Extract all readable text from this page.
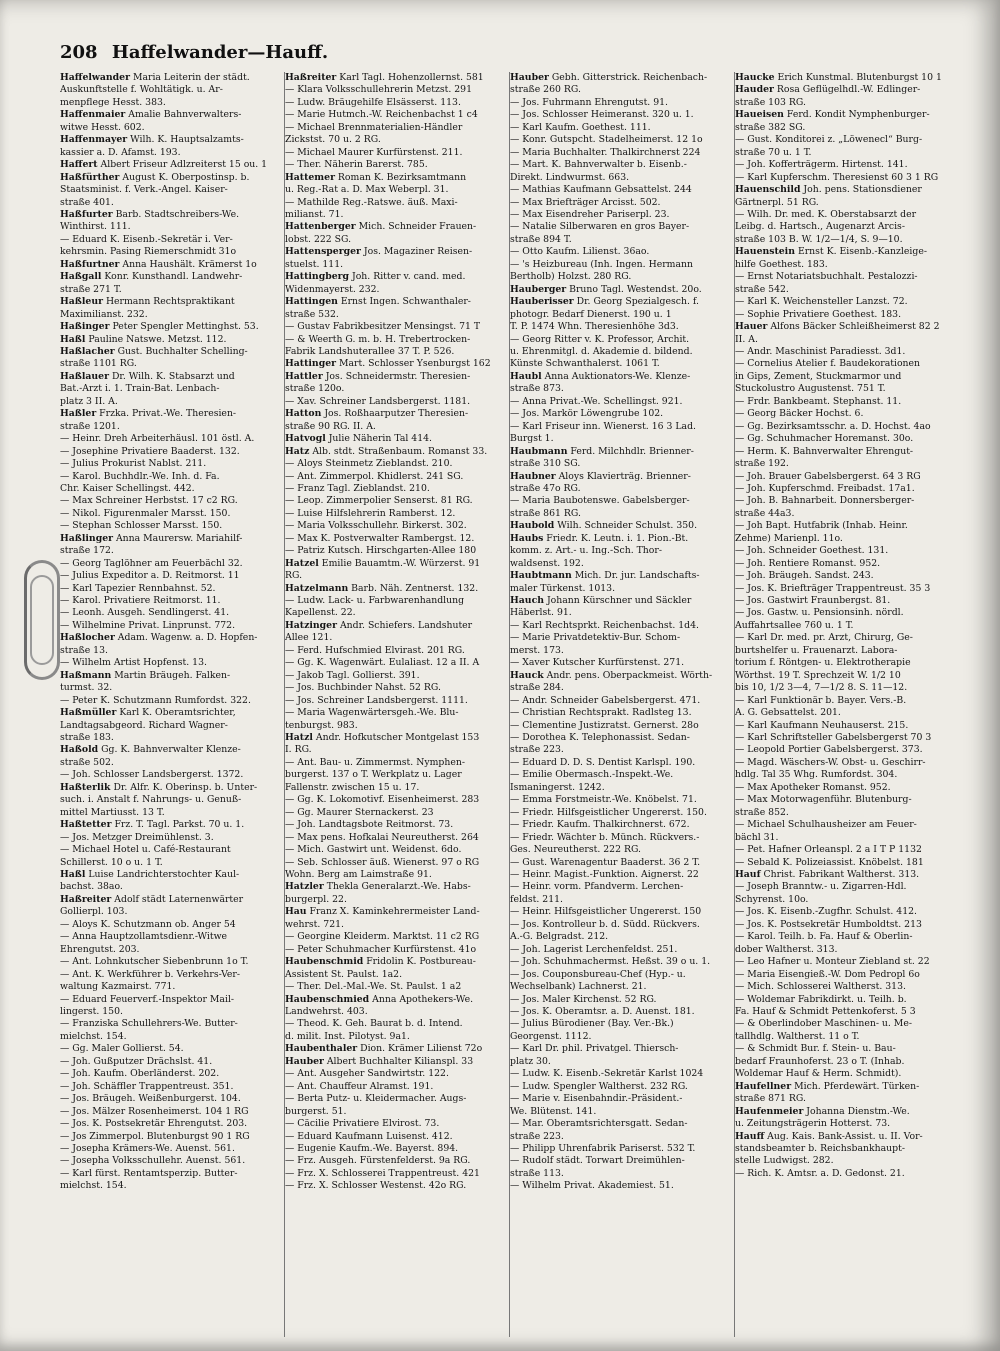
208 Haffelwander—Hauff.
Haffelwander Maria Leiterin der städt.
Auskunftstelle f. Wohltätigk. u. Ar-
menpflege Hesst. 383.
Haffenmaier Amalie Bahnverwalters-
witwe Hesst. 602.
Haffenmayer Wilh. K. Hauptsalzamts-
kassier a. D. Afamst. 193.
Haffert Albert Friseur Adlzreiterst 15 ou. 1
Haßfürther August K. Oberpostinsp. b.
Staatsminist. f. Verk.-Angel. Kaiser-
straße 401.
Haßfurter Barb. Stadtschreibers-We.
Winthirst. 111.
— Eduard K. Eisenb.-Sekretär i. Ver-
kehrsmin. Pasing Riemerschmidt 31o
Haßfurtner Anna Haushält. Krämerst 1o
Haßgall Konr. Kunsthandl. Landwehr-
straße 271 T.
Haßleur Hermann Rechtspraktikant
Maximilianst. 232.
Haßinger Peter Spengler Mettinghst. 53.
Haßl Pauline Natswe. Metzst. 112.
Haßlacher Gust. Buchhalter Schelling-
straße 1101 RG.
Haßlauer Dr. Wilh. K. Stabsarzt und
Bat.-Arzt i. 1. Train-Bat. Lenbach-
platz 3 II. A.
Haßler Frzka. Privat.-We. Theresien-
straße 1201.
— Heinr. Dreh Arbeiterhäusl. 101 östl. A.
— Josephine Privatiere Baaderst. 132.
— Julius Prokurist Nablst. 211.
— Karol. Buchhdlr.-We. Inh. d. Fa.
Chr. Kaiser Schellingst. 442.
— Max Schreiner Herbstst. 17 c2 RG.
— Nikol. Figurenmaler Marsst. 150.
— Stephan Schlosser Marsst. 150.
Haßlinger Anna Maurersw. Mariahilf-
straße 172.
— Georg Taglöhner am Feuerbächl 32.
— Julius Expeditor a. D. Reitmorst. 11
— Karl Tapezier Rennbahnst. 52.
— Karol. Privatiere Reitmorst. 11.
— Leonh. Ausgeh. Sendlingerst. 41.
— Wilhelmine Privat. Linprunst. 772.
Haßlocher Adam. Wagenw. a. D. Hopfen-
straße 13.
— Wilhelm Artist Hopfenst. 13.
Haßmann Martin Bräugeh. Falken-
turmst. 32.
— Peter K. Schutzmann Rumfordst. 322.
Haßmüller Karl K. Oberamtsrichter,
Landtagsabgeord. Richard Wagner-
straße 183.
Haßold Gg. K. Bahnverwalter Klenze-
straße 502.
— Joh. Schlosser Landsbergerst. 1372.
Haßterlik Dr. Alfr. K. Oberinsp. b. Unter-
such. i. Anstalt f. Nahrungs- u. Genuß-
mittel Martiusst. 13 T.
Haßtetter Frz. T. Tagl. Parkst. 70 u. 1.
— Jos. Metzger Dreimühlenst. 3.
— Michael Hotel u. Café-Restaurant
Schillerst. 10 o u. 1 T.
Haßl Luise Landrichterstochter Kaul-
bachst. 38ao.
Haßreiter Adolf städt Laternenwärter
Gollierpl. 103.
— Aloys K. Schutzmann ob. Anger 54
— Anna Hauptzollamtsdienr.-Witwe
Ehrengutst. 203.
— Ant. Lohnkutscher Siebenbrunn 1o T.
— Ant. K. Werkführer b. Verkehrs-Ver-
waltung Kazmairst. 771.
— Eduard Feuerverf.-Inspektor Mail-
lingerst. 150.
— Franziska Schullehrers-We. Butter-
mielchst. 154.
— Gg. Maler Gollierst. 54.
— Joh. Gußputzer Drächslst. 41.
— Joh. Kaufm. Oberländerst. 202.
— Joh. Schäffler Trappentreust. 351.
— Jos. Bräugeh. Weißenburgerst. 104.
— Jos. Mälzer Rosenheimerst. 104 1 RG
— Jos. K. Postsekretär Ehrengutst. 203.
— Jos Zimmerpol. Blutenburgst 90 1 RG
— Josepha Krämers-We. Auenst. 561.
— Josepha Volksschullehr. Auenst. 561.
— Karl fürst. Rentamtsperzip. Butter-
mielchst. 154.
Haßreiter Karl Tagl. Hohenzollernst. 581
— Klara Volksschullehrerin Metzst. 291
— Ludw. Bräugehilfe Elsässerst. 113.
— Marie Hutmch.-W. Reichenbachst 1 c4
— Michael Brennmaterialien-Händler
Zickstst. 70 u. 2 RG.
— Michael Maurer Kurfürstenst. 211.
— Ther. Näherin Barerst. 785.
Hattemer Roman K. Bezirksamtmann
u. Reg.-Rat a. D. Max Weberpl. 31.
— Mathilde Reg.-Ratswe. äuß. Maxi-
milianst. 71.
Hattenberger Mich. Schneider Frauen-
lobst. 222 SG.
Hattensperger Jos. Magaziner Reisen-
stuelst. 111.
Hattingberg Joh. Ritter v. cand. med.
Widenmayerst. 232.
Hattingen Ernst Ingen. Schwanthaler-
straße 532.
— Gustav Fabrikbesitzer Mensingst. 71 T
— & Weerth G. m. b. H. Trebertrocken-
Fabrik Landshuterallee 37 T. P. 526.
Hattinger Mart. Schlosser Ysenburgst 162
Hattler Jos. Schneidermstr. Theresien-
straße 120o.
— Xav. Schreiner Landsbergerst. 1181.
Hatton Jos. Roßhaarputzer Theresien-
straße 90 RG. II. A.
Hatvogl Julie Näherin Tal 414.
Hatz Alb. stdt. Straßenbaum. Romanst 33.
— Aloys Steinmetz Zieblandst. 210.
— Ant. Zimmerpol. Khidlerst. 241 SG.
— Franz Tagl. Zieblandst. 210.
— Leop. Zimmerpolier Senserst. 81 RG.
— Luise Hilfslehrerin Ramberst. 12.
— Maria Volksschullehr. Birkerst. 302.
— Max K. Postverwalter Rambergst. 12.
— Patriz Kutsch. Hirschgarten-Allee 180
Hatzel Emilie Bauamtm.-W. Würzerst. 91
RG.
Hatzelmann Barb. Näh. Zentnerst. 132.
— Ludw. Lack- u. Farbwarenhandlung
Kapellenst. 22.
Hatzinger Andr. Schiefers. Landshuter
Allee 121.
— Ferd. Hufschmied Elvirast. 201 RG.
— Gg. K. Wagenwärt. Eulaliast. 12 a II. A
— Jakob Tagl. Gollierst. 391.
— Jos. Buchbinder Nahst. 52 RG.
— Jos. Schreiner Landsbergerst. 1111.
— Maria Wagenwärtersgeh.-We. Blu-
tenburgst. 983.
Hatzl Andr. Hofkutscher Montgelast 153
I. RG.
— Ant. Bau- u. Zimmermst. Nymphen-
burgerst. 137 o T. Werkplatz u. Lager
Fallenstr. zwischen 15 u. 17.
— Gg. K. Lokomotivf. Eisenheimerst. 283
— Gg. Maurer Sternackerst. 23
— Joh. Landtagsbote Reitmorst. 73.
— Max pens. Hofkalai Neureutherst. 264
— Mich. Gastwirt unt. Weidenst. 6do.
— Seb. Schlosser äuß. Wienerst. 97 o RG
Wohn. Berg am Laimstraße 91.
Hatzler Thekla Generalarzt.-We. Habs-
burgerpl. 22.
Hau Franz X. Kaminkehrermeister Land-
wehrst. 721.
— Georgine Kleiderm. Marktst. 11 c2 RG
— Peter Schuhmacher Kurfürstenst. 41o
Haubenschmid Fridolin K. Postbureau-
Assistent St. Paulst. 1a2.
— Ther. Del.-Mal.-We. St. Paulst. 1 a2
Haubenschmied Anna Apothekers-We.
Landwehrst. 403.
— Theod. K. Geh. Baurat b. d. Intend.
d. milit. Inst. Pilotyst. 9a1.
Haubenthaler Dion. Krämer Lilienst 72o
Hauber Albert Buchhalter Kilianspl. 33
— Ant. Ausgeher Sandwirtstr. 122.
— Ant. Chauffeur Alramst. 191.
— Berta Putz- u. Kleidermacher. Augs-
burgerst. 51.
— Cäcilie Privatiere Elvirost. 73.
— Eduard Kaufmann Luisenst. 412.
— Eugenie Kaufm.-We. Bayerst. 894.
— Frz. Ausgeh. Fürstenfelderst. 9a RG.
— Frz. X. Schlosserei Trappentreust. 421
— Frz. X. Schlosser Westenst. 42o RG.
Hauber Gebh. Gitterstrick. Reichenbach-
straße 260 RG.
— Jos. Fuhrmann Ehrengutst. 91.
— Jos. Schlosser Heimeranst. 320 u. 1.
— Karl Kaufm. Goethest. 111.
— Konr. Gutspcht. Stadelheimerst. 12 1o
— Maria Buchhalter. Thalkirchnerst 224
— Mart. K. Bahnverwalter b. Eisenb.-
Direkt. Lindwurmst. 663.
— Mathias Kaufmann Gebsattelst. 244
— Max Briefträger Arcisst. 502.
— Max Eisendreher Pariserpl. 23.
— Natalie Silberwaren en gros Bayer-
straße 894 T.
— Otto Kaufm. Lilienst. 36ao.
— 's Heizbureau (Inh. Ingen. Hermann
Bertholb) Holzst. 280 RG.
Hauberger Bruno Tagl. Westendst. 20o.
Hauberisser Dr. Georg Spezialgesch. f.
photogr. Bedarf Dienerst. 190 u. 1
T. P. 1474 Whn. Theresienhöhe 3d3.
— Georg Ritter v. K. Professor, Archit.
u. Ehrenmitgl. d. Akademie d. bildend.
Künste Schwanthalerst. 1061 T.
Haubl Anna Auktionators-We. Klenze-
straße 873.
— Anna Privat.-We. Schellingst. 921.
— Jos. Markör Löwengrube 102.
— Karl Friseur inn. Wienerst. 16 3 Lad.
Burgst 1.
Haubmann Ferd. Milchhdlr. Brienner-
straße 310 SG.
Haubner Aloys Klavierträg. Brienner-
straße 47o RG.
— Maria Baubotenswe. Gabelsberger-
straße 861 RG.
Haubold Wilh. Schneider Schulst. 350.
Haubs Friedr. K. Leutn. i. 1. Pion.-Bt.
komm. z. Art.- u. Ing.-Sch. Thor-
waldsenst. 192.
Haubtmann Mich. Dr. jur. Landschafts-
maler Türkenst. 1013.
Hauch Johann Kürschner und Säckler
Häberlst. 91.
— Karl Rechtsprkt. Reichenbachst. 1d4.
— Marie Privatdetektiv-Bur. Schom-
merst. 173.
— Xaver Kutscher Kurfürstenst. 271.
Hauck Andr. pens. Oberpackmeist. Wörth-
straße 284.
— Andr. Schneider Gabelsbergerst. 471.
— Christian Rechtsprakt. Radlsteg 13.
— Clementine Justizratst. Gernerst. 28o
— Dorothea K. Telephonassist. Sedan-
straße 223.
— Eduard D. D. S. Dentist Karlspl. 190.
— Emilie Obermasch.-Inspekt.-We.
Ismaningerst. 1242.
— Emma Forstmeistr.-We. Knöbelst. 71.
— Friedr. Hilfsgeistlicher Ungererst. 150.
— Friedr. Kaufm. Thalkirchnerst. 672.
— Friedr. Wächter b. Münch. Rückvers.-
Ges. Neureutherst. 222 RG.
— Gust. Warenagentur Baaderst. 36 2 T.
— Heinr. Magist.-Funktion. Aignerst. 22
— Heinr. vorm. Pfandverm. Lerchen-
feldst. 211.
— Heinr. Hilfsgeistlicher Ungererst. 150
— Jos. Kontrolleur b. d. Südd. Rückvers.
A.-G. Belgradst. 212.
— Joh. Lagerist Lerchenfeldst. 251.
— Joh. Schuhmachermst. Heßst. 39 o u. 1.
— Jos. Couponsbureau-Chef (Hyp.- u.
Wechselbank) Lachnerst. 21.
— Jos. Maler Kirchenst. 52 RG.
— Jos. K. Oberamtsr. a. D. Auenst. 181.
— Julius Bürodiener (Bay. Ver.-Bk.)
Georgenst. 1112.
— Karl Dr. phil. Privatgel. Thiersch-
platz 30.
— Ludw. K. Eisenb.-Sekretär Karlst 1024
— Ludw. Spengler Waltherst. 232 RG.
— Marie v. Eisenbahndir.-Präsident.-
We. Blütenst. 141.
— Mar. Oberamtsrichtersgatt. Sedan-
straße 223.
— Philipp Uhrenfabrik Pariserst. 532 T.
— Rudolf städt. Torwart Dreimühlen-
straße 113.
— Wilhelm Privat. Akademiest. 51.
Haucke Erich Kunstmal. Blutenburgst 10 1
Hauder Rosa Geflügelhdl.-W. Edlinger-
straße 103 RG.
Haueisen Ferd. Kondit Nymphenburger-
straße 382 SG.
— Gust. Konditorei z. „Löwenecl“ Burg-
straße 70 u. 1 T.
— Joh. Kofferträgerm. Hirtenst. 141.
— Karl Kupferschm. Theresienst 60 3 1 RG
Hauenschild Joh. pens. Stationsdiener
Gärtnerpl. 51 RG.
— Wilh. Dr. med. K. Oberstabsarzt der
Leibg. d. Hartsch., Augenarzt Arcis-
straße 103 B. W. 1/2—1/4, S. 9—10.
Hauenstein Ernst K. Eisenb.-Kanzleige-
hilfe Goethest. 183.
— Ernst Notariatsbuchhalt. Pestalozzi-
straße 542.
— Karl K. Weichensteller Lanzst. 72.
— Sophie Privatiere Goethest. 183.
Hauer Alfons Bäcker Schleißheimerst 82 2
II. A.
— Andr. Maschinist Paradiesst. 3d1.
— Cornelius Atelier f. Baudekorationen
in Gips, Zement, Stuckmarmor und
Stuckolustro Augustenst. 751 T.
— Frdr. Bankbeamt. Stephanst. 11.
— Georg Bäcker Hochst. 6.
— Gg. Bezirksamtsschr. a. D. Hochst. 4ao
— Gg. Schuhmacher Horemanst. 30o.
— Herm. K. Bahnverwalter Ehrengut-
straße 192.
— Joh. Brauer Gabelsbergerst. 64 3 RG
— Joh. Kupferschmd. Freibadst. 17a1.
— Joh. B. Bahnarbeit. Donnersberger-
straße 44a3.
— Joh Bapt. Hutfabrik (Inhab. Heinr.
Zehme) Marienpl. 11o.
— Joh. Schneider Goethest. 131.
— Joh. Rentiere Romanst. 952.
— Joh. Bräugeh. Sandst. 243.
— Jos. K. Briefträger Trappentreust. 35 3
— Jos. Gastwirt Fraunbergst. 81.
— Jos. Gastw. u. Pensionsinh. nördl.
Auffahrtsallee 760 u. 1 T.
— Karl Dr. med. pr. Arzt, Chirurg, Ge-
burtshelfer u. Frauenarzt. Labora-
torium f. Röntgen- u. Elektrotherapie
Wörthst. 19 T. Sprechzeit W. 1/2 10
bis 10, 1/2 3—4, 7—1/2 8. S. 11—12.
— Karl Funktionär b. Bayer. Vers.-B.
A. G. Gebsattelst. 201.
— Karl Kaufmann Neuhauserst. 215.
— Karl Schriftsteller Gabelsbergerst 70 3
— Leopold Portier Gabelsbergerst. 373.
— Magd. Wäschers-W. Obst- u. Geschirr-
hdlg. Tal 35 Whg. Rumfordst. 304.
— Max Apotheker Romanst. 952.
— Max Motorwagenführ. Blutenburg-
straße 852.
— Michael Schulhausheizer am Feuer-
bächl 31.
— Pet. Hafner Orleanspl. 2 a I T P 1132
— Sebald K. Polizeiassist. Knöbelst. 181
Hauf Christ. Fabrikant Waltherst. 313.
— Joseph Branntw.- u. Zigarren-Hdl.
Schyrenst. 10o.
— Jos. K. Eisenb.-Zugfhr. Schulst. 412.
— Jos. K. Postsekretär Humboldtst. 213
— Karol. Teilh. b. Fa. Hauf & Oberlin-
dober Waltherst. 313.
— Leo Hafner u. Monteur Ziebland st. 22
— Maria Eisengieß.-W. Dom Pedropl 6o
— Mich. Schlosserei Waltherst. 313.
— Woldemar Fabrikdirkt. u. Teilh. b.
Fa. Hauf & Schmidt Pettenkoferst. 5 3
— & Oberlindober Maschinen- u. Me-
tallhdlg. Waltherst. 11 o T.
— & Schmidt Bur. f. Stein- u. Bau-
bedarf Fraunhoferst. 23 o T. (Inhab.
Woldemar Hauf & Herm. Schmidt).
Haufellner Mich. Pferdewärt. Türken-
straße 871 RG.
Haufenmeier Johanna Dienstm.-We.
u. Zeitungsträgerin Hotterst. 73.
Hauff Aug. Kais. Bank-Assist. u. II. Vor-
standsbeamter b. Reichsbankhaupt-
stelle Ludwigst. 282.
— Rich. K. Amtsr. a. D. Gedonst. 21.
